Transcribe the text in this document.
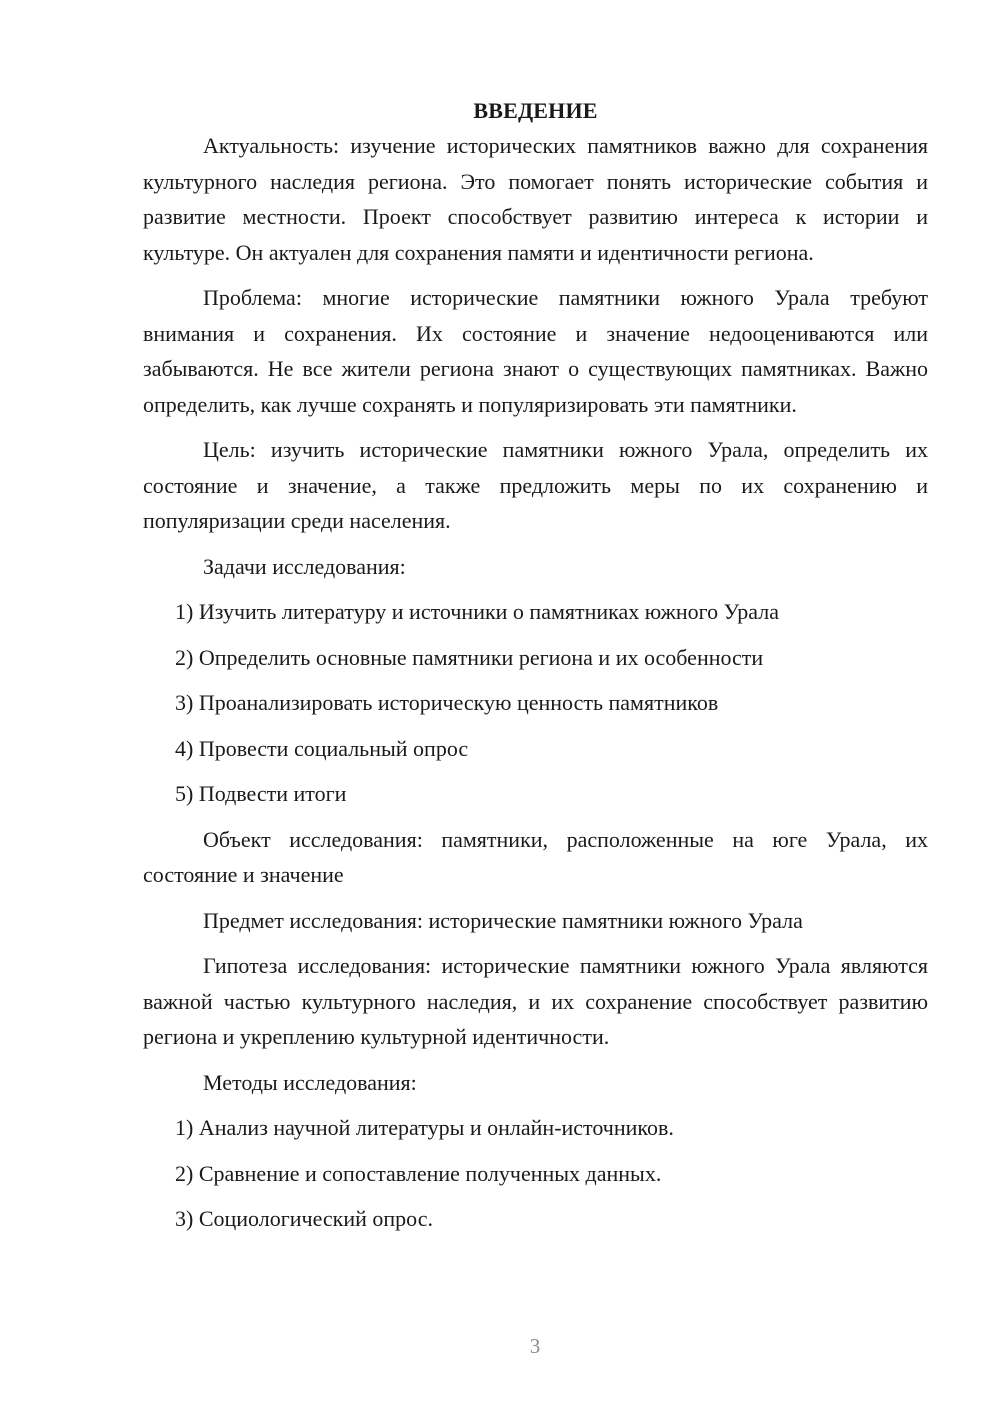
ВВЕДЕНИЕ

Актуальность: изучение исторических памятников важно для сохранения культурного наследия региона. Это помогает понять исторические события и развитие местности. Проект способствует развитию интереса к истории и культуре. Он актуален для сохранения памяти и идентичности региона.

Проблема: многие исторические памятники южного Урала требуют внимания и сохранения. Их состояние и значение недооцениваются или забываются. Не все жители региона знают о существующих памятниках. Важно определить, как лучше сохранять и популяризировать эти памятники.

Цель: изучить исторические памятники южного Урала, определить их состояние и значение, а также предложить меры по их сохранению и популяризации среди населения.

Задачи исследования:

1) Изучить литературу и источники о памятниках южного Урала

2) Определить основные памятники региона и их особенности

3) Проанализировать историческую ценность памятников

4) Провести социальный опрос

5) Подвести итоги

Объект исследования: памятники, расположенные на юге Урала, их состояние и значение

Предмет исследования: исторические памятники южного Урала

Гипотеза исследования: исторические памятники южного Урала являются важной частью культурного наследия, и их сохранение способствует развитию региона и укреплению культурной идентичности.

Методы исследования:

1) Анализ научной литературы и онлайн-источников.

2) Сравнение и сопоставление полученных данных.

3) Социологический опрос.

3
